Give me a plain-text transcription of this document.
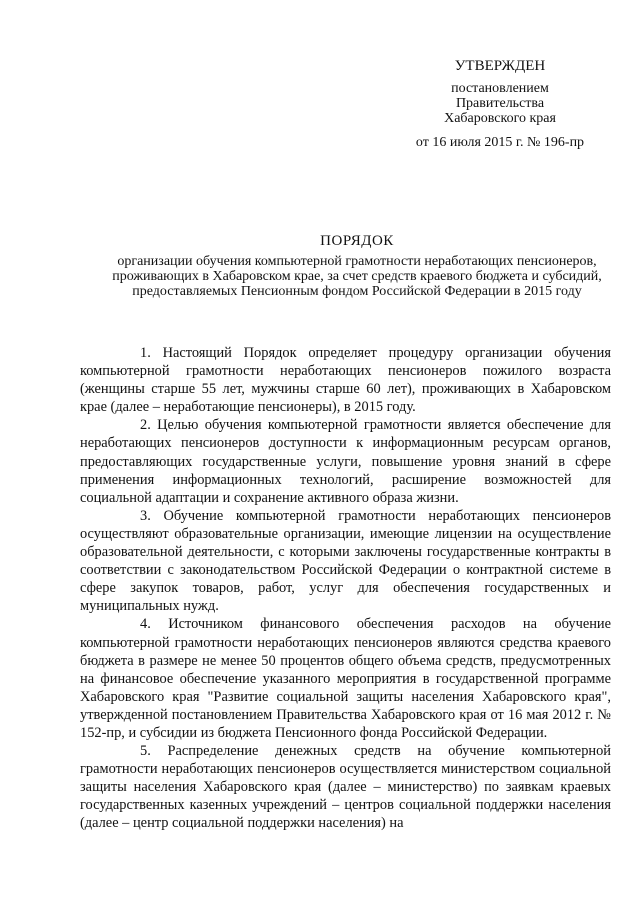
УТВЕРЖДЕН
постановлением
Правительства
Хабаровского края
от 16 июля 2015 г. № 196-пр
ПОРЯДОК
организации обучения компьютерной грамотности неработающих пенсионеров, проживающих в Хабаровском крае, за счет средств краевого бюджета и субсидий, предоставляемых Пенсионным фондом Российской Федерации в 2015 году

1. Настоящий Порядок определяет процедуру организации обучения компьютерной грамотности неработающих пенсионеров пожилого возраста (женщины старше 55 лет, мужчины старше 60 лет), проживающих в Хабаровском крае (далее – неработающие пенсионеры), в 2015 году.

2. Целью обучения компьютерной грамотности является обеспечение для неработающих пенсионеров доступности к информационным ресурсам органов, предоставляющих государственные услуги, повышение уровня знаний в сфере применения информационных технологий, расширение возможностей для социальной адаптации и сохранение активного образа жизни.

3. Обучение компьютерной грамотности неработающих пенсионеров осуществляют образовательные организации, имеющие лицензии на осуществление образовательной деятельности, с которыми заключены государственные контракты в соответствии с законодательством Российской Федерации о контрактной системе в сфере закупок товаров, работ, услуг для обеспечения государственных и муниципальных нужд.

4. Источником финансового обеспечения расходов на обучение компьютерной грамотности неработающих пенсионеров являются средства краевого бюджета в размере не менее 50 процентов общего объема средств, предусмотренных на финансовое обеспечение указанного мероприятия в государственной программе Хабаровского края "Развитие социальной защиты населения Хабаровского края", утвержденной постановлением Правительства Хабаровского края от 16 мая 2012 г. № 152-пр, и субсидии из бюджета Пенсионного фонда Российской Федерации.

5. Распределение денежных средств на обучение компьютерной грамотности неработающих пенсионеров осуществляется министерством социальной защиты населения Хабаровского края (далее – министерство) по заявкам краевых государственных казенных учреждений – центров социальной поддержки населения (далее – центр социальной поддержки населения) на
